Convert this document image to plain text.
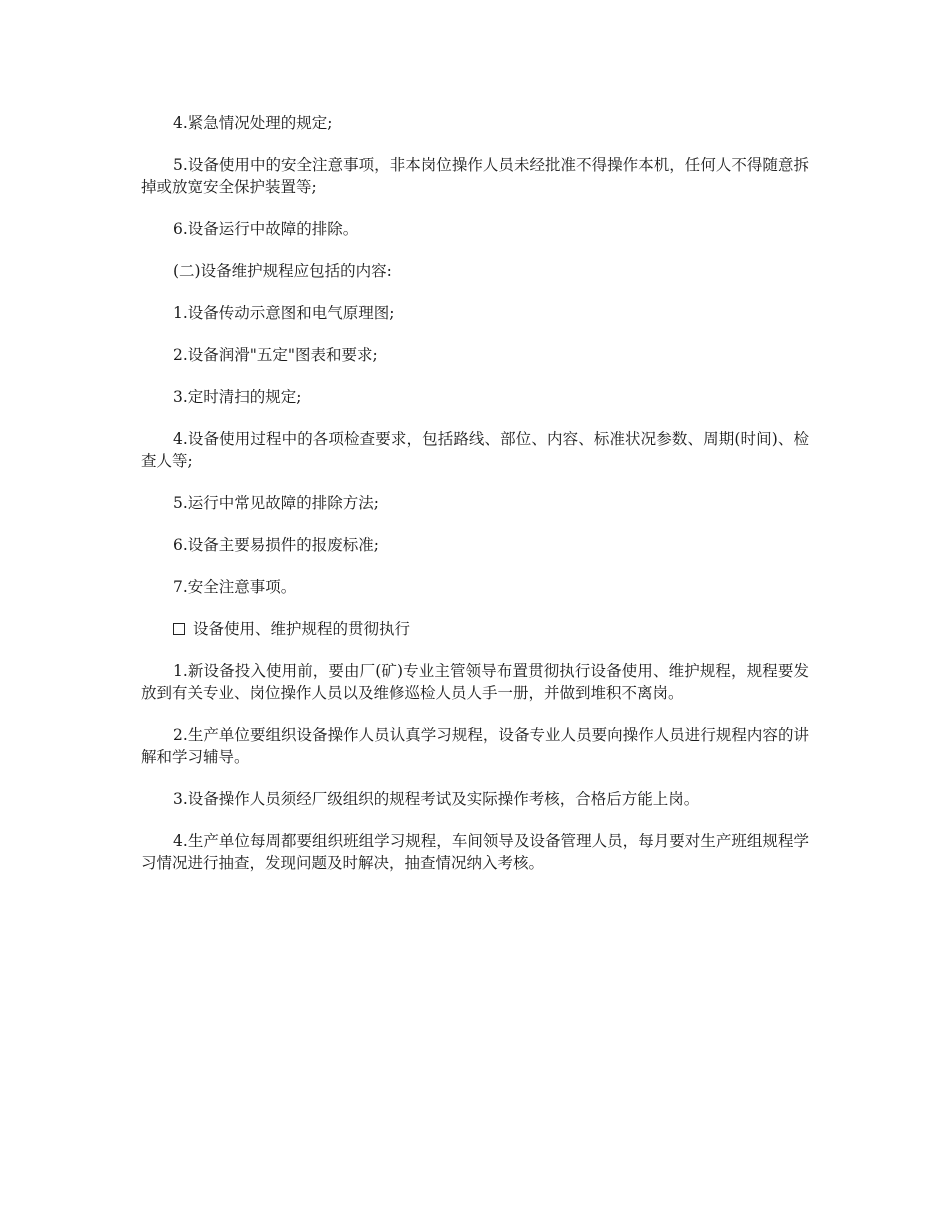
4.紧急情况处理的规定;

5.设备使用中的安全注意事项，非本岗位操作人员未经批准不得操作本机，任何人不得随意拆掉或放宽安全保护装置等;

6.设备运行中故障的排除。

(二)设备维护规程应包括的内容:

1.设备传动示意图和电气原理图;

2.设备润滑"五定"图表和要求;

3.定时清扫的规定;

4.设备使用过程中的各项检查要求，包括路线、部位、内容、标准状况参数、周期(时间)、检查人等;

5.运行中常见故障的排除方法;

6.设备主要易损件的报废标准;

7.安全注意事项。

设备使用、维护规程的贯彻执行

1.新设备投入使用前，要由厂(矿)专业主管领导布置贯彻执行设备使用、维护规程，规程要发放到有关专业、岗位操作人员以及维修巡检人员人手一册，并做到堆积不离岗。

2.生产单位要组织设备操作人员认真学习规程，设备专业人员要向操作人员进行规程内容的讲解和学习辅导。

3.设备操作人员须经厂级组织的规程考试及实际操作考核，合格后方能上岗。

4.生产单位每周都要组织班组学习规程，车间领导及设备管理人员，每月要对生产班组规程学习情况进行抽查，发现问题及时解决，抽查情况纳入考核。
